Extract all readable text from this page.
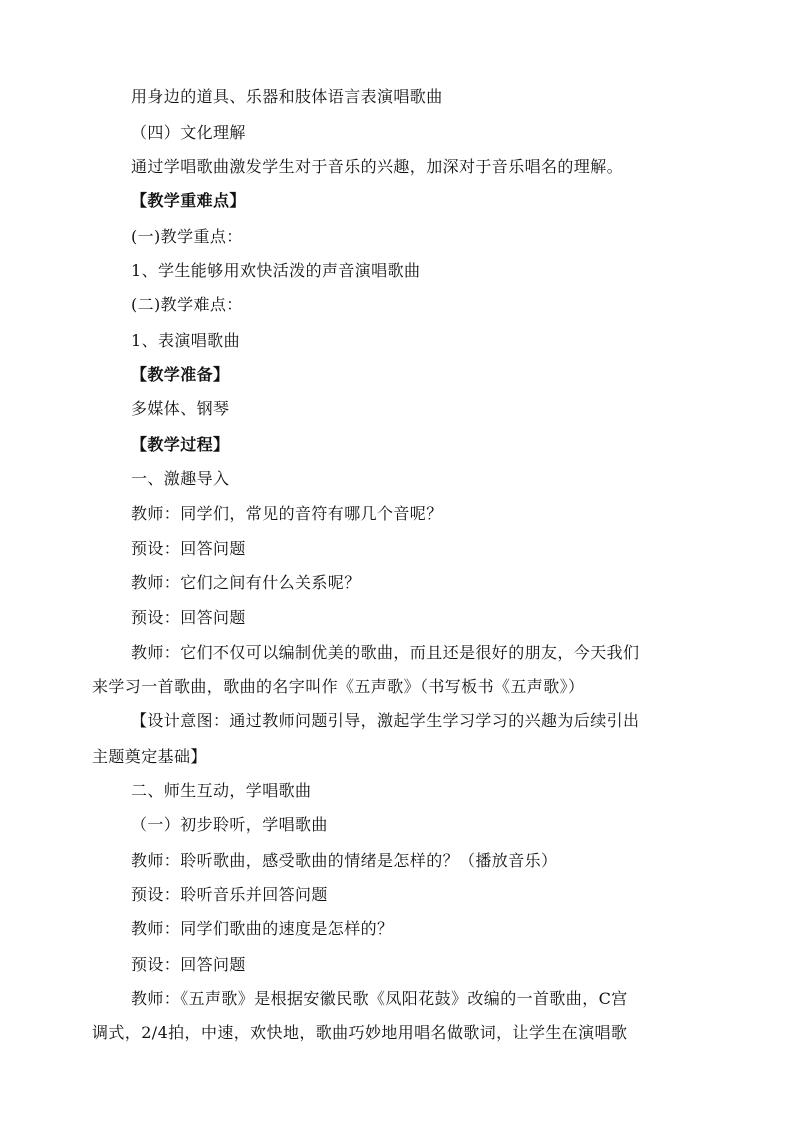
用身边的道具、乐器和肢体语言表演唱歌曲
（四）文化理解
通过学唱歌曲激发学生对于音乐的兴趣，加深对于音乐唱名的理解。
【教学重难点】
(一)教学重点：
1、学生能够用欢快活泼的声音演唱歌曲
(二)教学难点：
1、表演唱歌曲
【教学准备】
多媒体、钢琴
【教学过程】
一、激趣导入
教师：同学们，常见的音符有哪几个音呢？
预设：回答问题
教师：它们之间有什么关系呢？
预设：回答问题
教师：它们不仅可以编制优美的歌曲，而且还是很好的朋友，今天我们
来学习一首歌曲，歌曲的名字叫作《五声歌》（书写板书《五声歌》）
【设计意图：通过教师问题引导，激起学生学习学习的兴趣为后续引出
主题奠定基础】
二、师生互动，学唱歌曲
（一）初步聆听，学唱歌曲
教师：聆听歌曲，感受歌曲的情绪是怎样的？（播放音乐）
预设：聆听音乐并回答问题
教师：同学们歌曲的速度是怎样的？
预设：回答问题
教师：《五声歌》是根据安徽民歌《凤阳花鼓》改编的一首歌曲，C宫
调式，2/4拍，中速，欢快地，歌曲巧妙地用唱名做歌词，让学生在演唱歌
